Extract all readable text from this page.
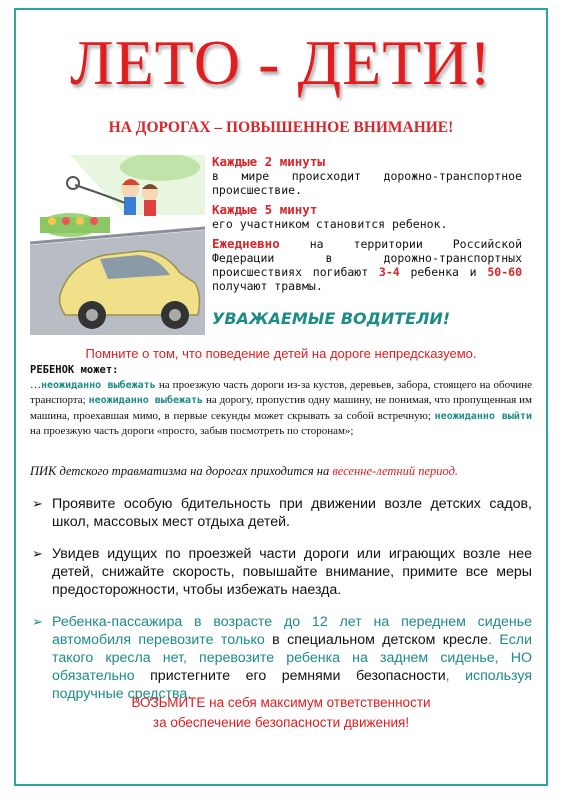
ЛЕТО - ДЕТИ!
НА ДОРОГАХ – ПОВЫШЕННОЕ ВНИМАНИЕ!
Каждые 2 минуты

в мире происходит дорожно-транспортное происшествие.

Каждые 5 минут

его участником становится ребенок.

Ежедневно на территории Российской Федерации в дорожно-транспортных происшествиях погибают 3-4 ребенка и 50-60 получают травмы.

УВАЖАЕМЫЕ ВОДИТЕЛИ!
Помните о том, что поведение детей на дороге непредсказуемо.
РЕБЕНОК может:

…неожиданно выбежать на проезжую часть дороги из-за кустов, деревьев, забора, стоящего на обочине транспорта; неожиданно выбежать на дорогу, пропустив одну машину, не понимая, что пропущенная им машина, проехавшая мимо, в первые секунды может скрывать за собой встречную; неожиданно выйти на проезжую часть дороги «просто, забыв посмотреть по сторонам»;

ПИК детского травматизма на дорогах приходится на весенне-летний период.
➢ Проявите особую бдительность при движении возле детских садов, школ, массовых мест отдыха детей.
➢ Увидев идущих по проезжей части дороги или играющих возле нее детей, снижайте скорость, повышайте внимание, примите все меры предосторожности, чтобы избежать наезда.
➢ Ребенка-пассажира в возрасте до 12 лет на переднем сиденье автомобиля перевозите только в специальном детском кресле. Если такого кресла нет, перевозите ребенка на заднем сиденье, НО обязательно пристегните его ремнями безопасности, используя подручные средства.
ВОЗЬМИТЕ на себя максимум ответственности
за обеспечение безопасности движения!
